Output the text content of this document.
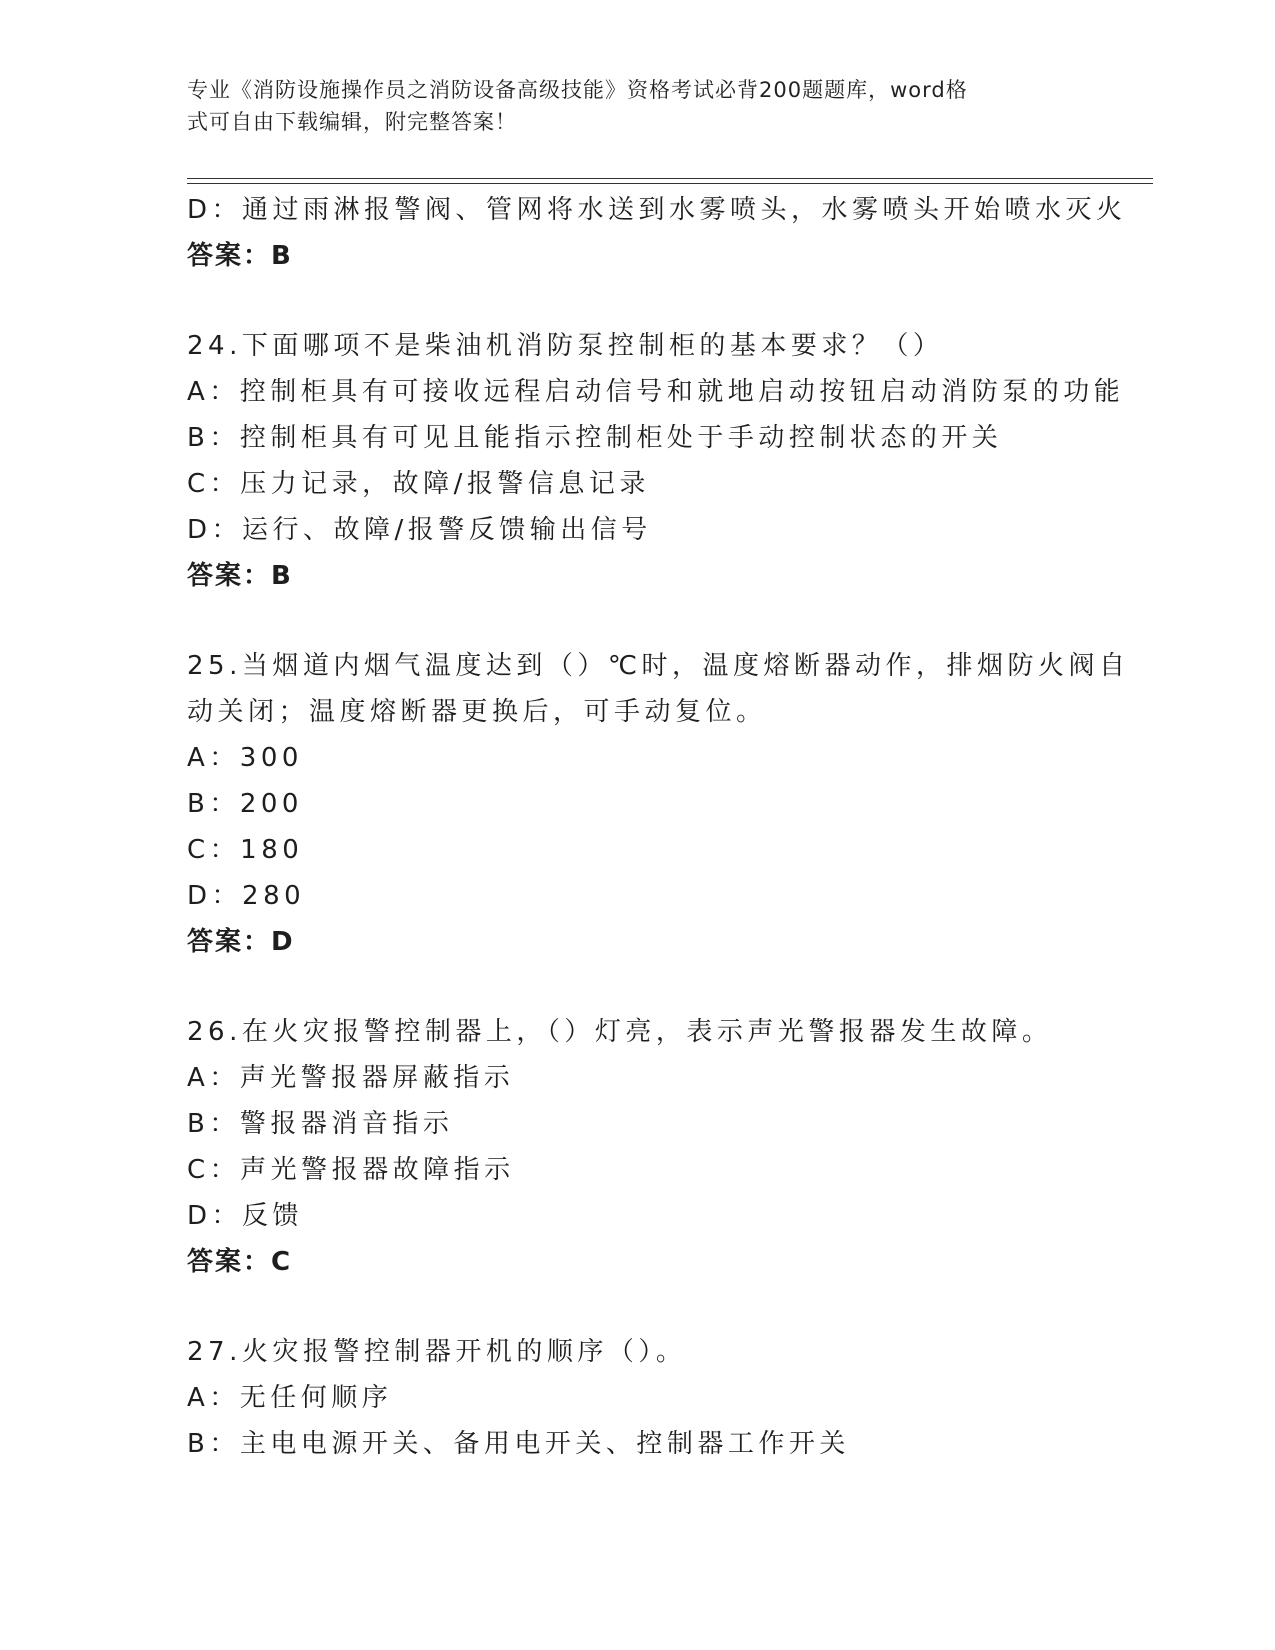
专业《消防设施操作员之消防设备高级技能》资格考试必背200题题库，word格
式可自由下载编辑，附完整答案！
D：通过雨淋报警阀、管网将水送到水雾喷头，水雾喷头开始喷水灭火
答案：B
24.下面哪项不是柴油机消防泵控制柜的基本要求？（）
A：控制柜具有可接收远程启动信号和就地启动按钮启动消防泵的功能
B：控制柜具有可见且能指示控制柜处于手动控制状态的开关
C：压力记录，故障/报警信息记录
D：运行、故障/报警反馈输出信号
答案：B
25.当烟道内烟气温度达到（）℃时，温度熔断器动作，排烟防火阀自
动关闭；温度熔断器更换后，可手动复位。
A：300
B：200
C：180
D：280
答案：D
26.在火灾报警控制器上，（）灯亮，表示声光警报器发生故障。
A：声光警报器屏蔽指示
B：警报器消音指示
C：声光警报器故障指示
D：反馈
答案：C
27.火灾报警控制器开机的顺序（）。
A：无任何顺序
B：主电电源开关、备用电开关、控制器工作开关
